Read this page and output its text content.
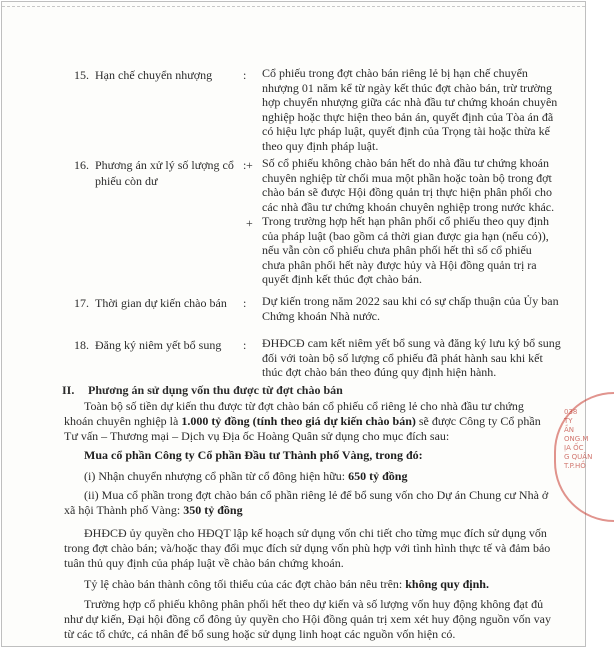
15. Hạn chế chuyển nhượng	: Cổ phiếu trong đợt chào bán riêng lẻ bị hạn chế chuyển
nhượng 01 năm kể từ ngày kết thúc đợt chào bán, trừ trường
hợp chuyển nhượng giữa các nhà đầu tư chứng khoán chuyên
nghiệp hoặc thực hiện theo bản án, quyết định của Tòa án đã
có hiệu lực pháp luật, quyết định của Trọng tài hoặc thừa kế
theo quy định pháp luật.
16. Phương án xử lý số lượng cổ
phiếu còn dư
: + Số cổ phiếu không chào bán hết do nhà đầu tư chứng khoán
chuyên nghiệp từ chối mua một phần hoặc toàn bộ trong đợt
chào bán sẽ được Hội đồng quản trị thực hiện phân phối cho
các nhà đầu tư chứng khoán chuyên nghiệp trong nước khác.
+ Trong trường hợp hết hạn phân phối cổ phiếu theo quy định
của pháp luật (bao gồm cả thời gian được gia hạn (nếu có)),
nếu vẫn còn cổ phiếu chưa phân phối hết thì số cổ phiếu
chưa phân phối hết này được hủy và Hội đồng quản trị ra
quyết định kết thúc đợt chào bán.
17. Thời gian dự kiến chào bán : Dự kiến trong năm 2022 sau khi có sự chấp thuận của Ủy ban
Chứng khoán Nhà nước.
18. Đăng ký niêm yết bổ sung : ĐHĐCĐ cam kết niêm yết bổ sung và đăng ký lưu ký bổ sung
đối với toàn bộ số lượng cổ phiếu đã phát hành sau khi kết
thúc đợt chào bán theo đúng quy định hiện hành.
II. Phương án sử dụng vốn thu được từ đợt chào bán
Toàn bộ số tiền dự kiến thu được từ đợt chào bán cổ phiếu cổ riêng lẻ cho nhà đầu tư chứng
khoán chuyên nghiệp là 1.000 tỷ đồng (tính theo giá dự kiến chào bán) sẽ được Công ty Cổ phần
Tư vấn – Thương mại – Dịch vụ Địa ốc Hoàng Quân sử dụng cho mục đích sau:
Mua cổ phần Công ty Cổ phần Đầu tư Thành phố Vàng, trong đó:
(i) Nhận chuyển nhượng cổ phần từ cổ đông hiện hữu: 650 tỷ đồng
(ii) Mua cổ phần trong đợt chào bán cổ phần riêng lẻ để bổ sung vốn cho Dự án Chung cư Nhà ở
xã hội Thành phố Vàng: 350 tỷ đồng
ĐHĐCĐ ủy quyền cho HĐQT lập kế hoạch sử dụng vốn chi tiết cho từng mục đích sử dụng vốn
trong đợt chào bán; và/hoặc thay đổi mục đích sử dụng vốn phù hợp với tình hình thực tế và đảm bảo
tuân thủ quy định của pháp luật về chào bán chứng khoán.
Tỷ lệ chào bán thành công tối thiểu của các đợt chào bán nêu trên: không quy định.
Trường hợp cổ phiếu không phân phối hết theo dự kiến và số lượng vốn huy động không đạt đủ
như dự kiến, Đại hội đồng cổ đông ủy quyền cho Hội đồng quản trị xem xét huy động nguồn vốn vay
từ các tổ chức, cá nhân để bổ sung hoặc sử dụng linh hoạt các nguồn vốn hiện có.
038
TY
ẦN
ONG.M
ỊA ỐC
G QUÂN
T.P.HỒ
